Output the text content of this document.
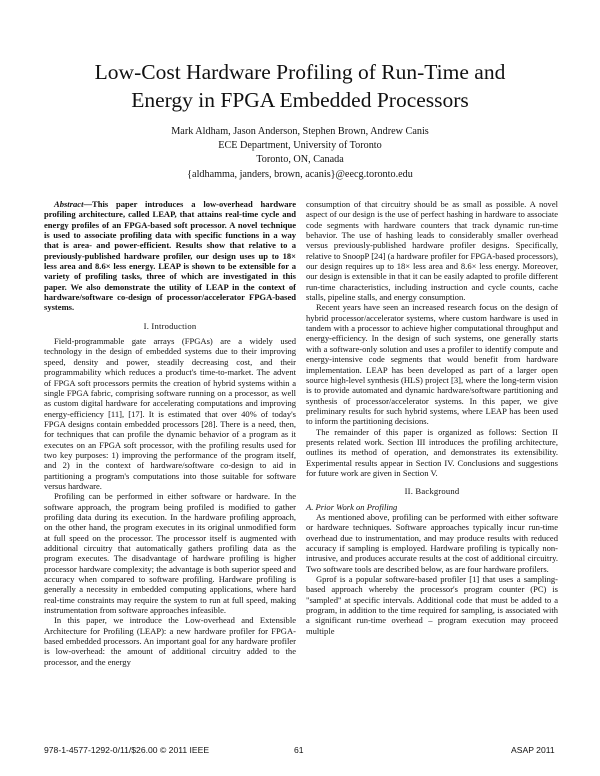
Low-Cost Hardware Profiling of Run-Time and
Energy in FPGA Embedded Processors
Mark Aldham, Jason Anderson, Stephen Brown, Andrew Canis
ECE Department, University of Toronto
Toronto, ON, Canada
{aldhamma, janders, brown, acanis}@eecg.toronto.edu

Abstract—This paper introduces a low-overhead hardware profiling architecture, called LEAP, that attains real-time cycle and energy profiles of an FPGA-based soft processor. A novel technique is used to associate profiling data with specific functions in a way that is area- and power-efficient. Results show that relative to a previously-published hardware profiler, our design uses up to 18× less area and 8.6× less energy. LEAP is shown to be extensible for a variety of profiling tasks, three of which are investigated in this paper. We also demonstrate the utility of LEAP in the context of hardware/software co-design of processor/accelerator FPGA-based systems.

I. Introduction

Field-programmable gate arrays (FPGAs) are a widely used technology in the design of embedded systems due to their improving speed, density and power, steadily decreasing cost, and their programmability which reduces a product's time-to-market. The advent of FPGA soft processors permits the creation of hybrid systems within a single FPGA fabric, comprising software running on a processor, as well as custom digital hardware for accelerating computations and improving energy-efficiency [11], [17]. It is estimated that over 40% of today's FPGA designs contain embedded processors [28]. There is a need, then, for techniques that can profile the dynamic behavior of a program as it executes on an FPGA soft processor, with the profiling results used for two key purposes: 1) improving the performance of the program itself, and 2) in the context of hardware/software co-design to aid in partitioning a program's computations into those suitable for software versus hardware.

Profiling can be performed in either software or hardware. In the software approach, the program being profiled is modified to gather profiling data during its execution. In the hardware profiling approach, on the other hand, the program executes in its original unmodified form at full speed on the processor. The processor itself is augmented with additional circuitry that automatically gathers profiling data as the program executes. The disadvantage of hardware profiling is higher processor hardware complexity; the advantage is both superior speed and accuracy when compared to software profiling. Hardware profiling is generally a necessity in embedded computing applications, where hard real-time constraints may require the system to run at full speed, making instrumentation from software approaches infeasible.

In this paper, we introduce the Low-overhead and Extensible Architecture for Profiling (LEAP): a new hardware profiler for FPGA-based embedded processors. An important goal for any hardware profiler is low-overhead: the amount of additional circuitry added to the processor, and the energy

consumption of that circuitry should be as small as possible. A novel aspect of our design is the use of perfect hashing in hardware to associate code segments with hardware counters that track dynamic run-time behavior. The use of hashing leads to considerably smaller overhead versus previously-published hardware profiler designs. Specifically, relative to SnoopP [24] (a hardware profiler for FPGA-based processors), our design requires up to 18× less area and 8.6× less energy. Moreover, our design is extensible in that it can be easily adapted to profile different run-time characteristics, including instruction and cycle counts, cache stalls, pipeline stalls, and energy consumption.

Recent years have seen an increased research focus on the design of hybrid processor/accelerator systems, where custom hardware is used in tandem with a processor to achieve higher computational throughput and energy-efficiency. In the design of such systems, one generally starts with a software-only solution and uses a profiler to identify compute and energy-intensive code segments that would benefit from hardware implementation. LEAP has been developed as part of a larger open source high-level synthesis (HLS) project [3], where the long-term vision is to provide automated and dynamic hardware/software partitioning and synthesis of processor/accelerator systems. In this paper, we give preliminary results for such hybrid systems, where LEAP has been used to inform the partitioning decisions.

The remainder of this paper is organized as follows: Section II presents related work. Section III introduces the profiling architecture, outlines its method of operation, and demonstrates its extensibility. Experimental results appear in Section IV. Conclusions and suggestions for future work are given in Section V.

II. Background

A. Prior Work on Profiling

As mentioned above, profiling can be performed with either software or hardware techniques. Software approaches typically incur run-time overhead due to instrumentation, and may produce results with reduced accuracy if sampling is employed. Hardware profiling is typically non-intrusive, and produces accurate results at the cost of additional circuitry. Two software tools are described below, as are four hardware profilers.

Gprof is a popular software-based profiler [1] that uses a sampling-based approach whereby the processor's program counter (PC) is "sampled" at specific intervals. Additional code that must be added to a program, in addition to the time required for sampling, is associated with a significant run-time overhead – program execution may proceed multiple

978-1-4577-1292-0/11/$26.00 © 2011 IEEE	61	ASAP 2011
